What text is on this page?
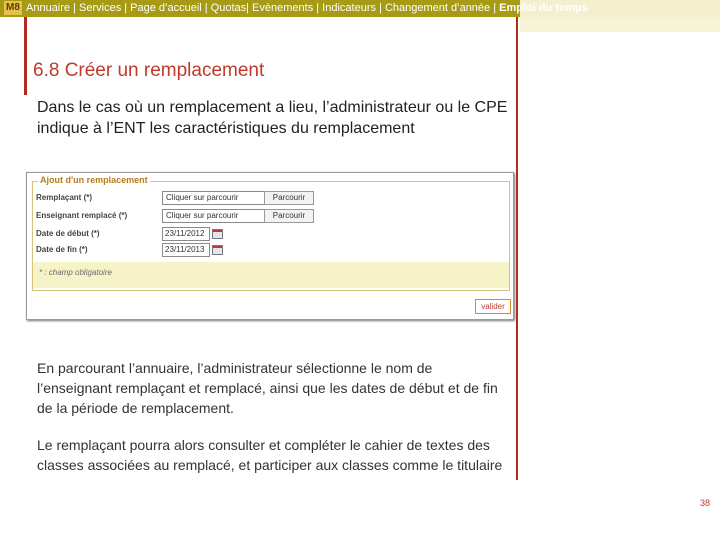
M8 Annuaire | Services | Page d’accueil | Quotas| Evènements | Indicateurs | Changement d’année | Emploi du temps
6.8 Créer un remplacement
Dans le cas où un remplacement a lieu, l’administrateur ou le CPE indique à l’ENT les caractéristiques du remplacement
Ajout d'un remplacement
Remplaçant (*)	Cliquer sur parcourir	Parcourir
Enseignant remplacé (*)	Cliquer sur parcourir	Parcourir
Date de début (*)	23/11/2012
Date de fin (*)	23/11/2013
* : champ obligatoire
valider
En parcourant l’annuaire, l’administrateur sélectionne le nom de l’enseignant remplaçant et remplacé, ainsi que les dates de début et de fin de la période de remplacement.
Le remplaçant pourra alors consulter et compléter le cahier de textes des classes associées au remplacé, et participer aux classes comme le titulaire
38
